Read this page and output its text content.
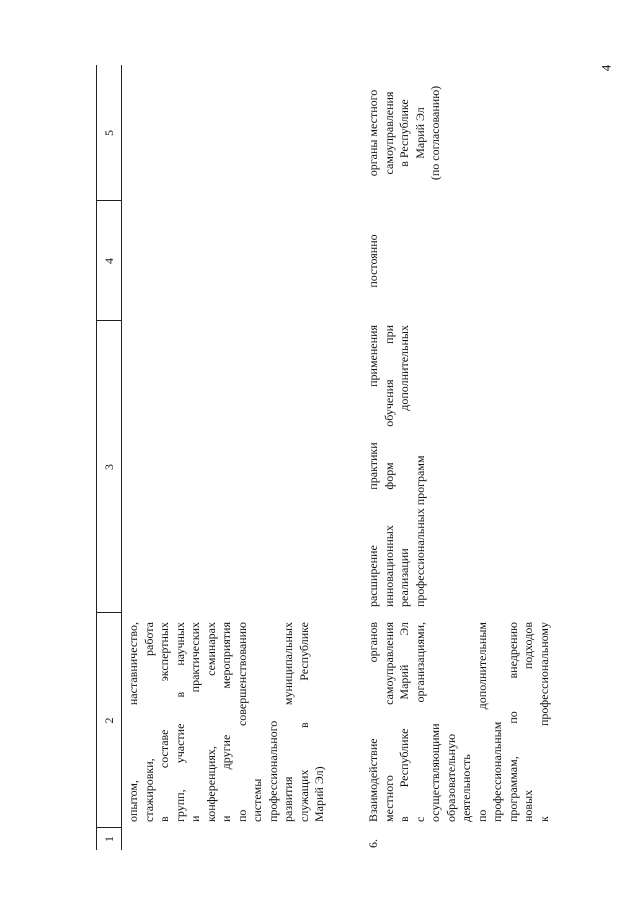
4
1
2
3
4
5
опытом, наставничество, стажировки, работа в составе экспертных групп, участие в научных и практических конференциях, семинарах и другие мероприятия по совершенствованию системы профессионального развития муниципальных служащих в Республике Марий Эл)
6.
Взаимодействие органов местного самоуправления в Республике Марий Эл с организациями, осуществляющими образовательную деятельность по дополнительным профессиональным программам, по внедрению новых подходов к профессиональному
расширение практики применения инновационных форм обучения при реализации дополнительных профессиональных программ
постоянно
органы местного самоуправления в Республике Марий Эл (по согласованию)
